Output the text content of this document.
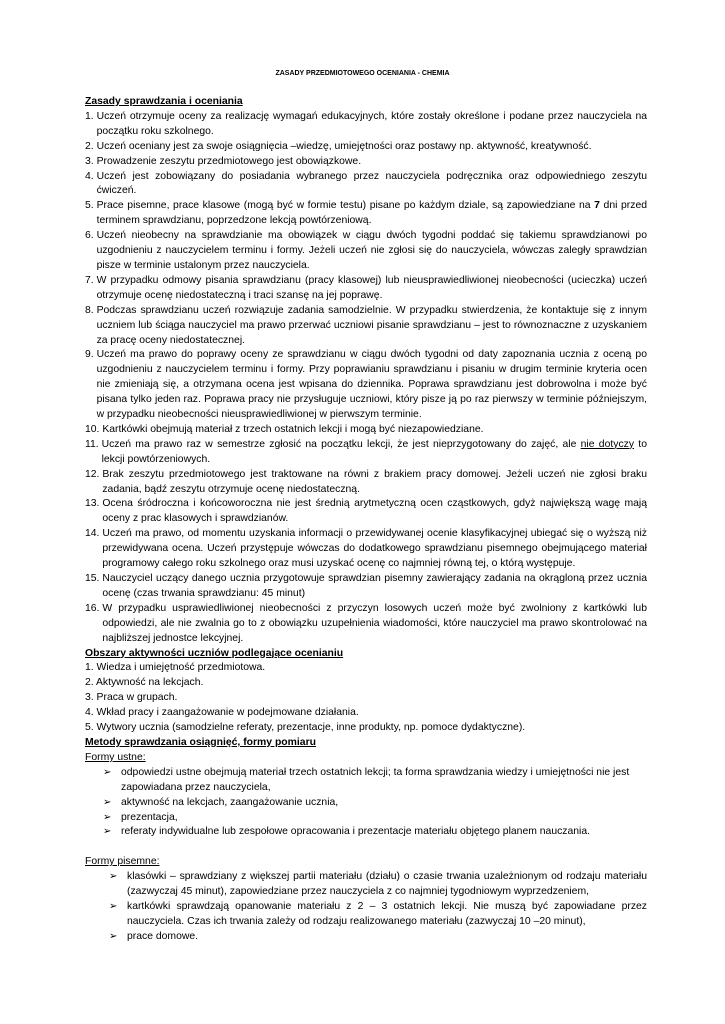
ZASADY PRZEDMIOTOWEGO OCENIANIA - CHEMIA
Zasady sprawdzania i oceniania
1.
Uczeń otrzymuje oceny za realizację wymagań edukacyjnych, które zostały określone i podane przez nauczyciela na początku roku szkolnego.
2.
Uczeń oceniany jest za swoje osiągnięcia –wiedzę, umiejętności oraz postawy np. aktywność, kreatywność.
3.
Prowadzenie zeszytu przedmiotowego jest obowiązkowe.
4.
Uczeń jest zobowiązany do posiadania wybranego przez nauczyciela podręcznika oraz odpowiedniego zeszytu ćwiczeń.
5.
Prace pisemne, prace klasowe (mogą być w formie testu) pisane po każdym dziale, są zapowiedziane na 7 dni przed terminem sprawdzianu, poprzedzone lekcją powtórzeniową.
6.
Uczeń nieobecny na sprawdzianie ma obowiązek w ciągu dwóch tygodni poddać się takiemu sprawdzianowi po uzgodnieniu z nauczycielem terminu i formy. Jeżeli uczeń nie zgłosi się do nauczyciela, wówczas zaległy sprawdzian pisze w terminie ustalonym przez nauczyciela.
7.
W przypadku odmowy pisania sprawdzianu (pracy klasowej) lub nieusprawiedliwionej nieobecności (ucieczka) uczeń otrzymuje ocenę niedostateczną i traci szansę na jej poprawę.
8.
Podczas sprawdzianu uczeń rozwiązuje zadania samodzielnie. W przypadku stwierdzenia, że kontaktuje się z innym uczniem lub ściąga nauczyciel ma prawo przerwać uczniowi pisanie sprawdzianu – jest to równoznaczne z uzyskaniem za pracę oceny niedostatecznej.
9.
Uczeń ma prawo do poprawy oceny ze sprawdzianu w ciągu dwóch tygodni od daty zapoznania ucznia z oceną po uzgodnieniu z nauczycielem terminu i formy. Przy poprawianiu sprawdzianu i pisaniu w drugim terminie kryteria ocen nie zmieniają się, a otrzymana ocena jest wpisana do dziennika. Poprawa sprawdzianu jest dobrowolna i może być pisana tylko jeden raz. Poprawa pracy nie przysługuje uczniowi, który pisze ją po raz pierwszy w terminie późniejszym, w przypadku nieobecności nieusprawiedliwionej w pierwszym terminie.
10.
Kartkówki obejmują materiał z trzech ostatnich lekcji i mogą być niezapowiedziane.
11.
Uczeń ma prawo raz w semestrze zgłosić na początku lekcji, że jest nieprzygotowany do zajęć, ale nie dotyczy to lekcji powtórzeniowych.
12.
Brak zeszytu przedmiotowego jest traktowane na równi z brakiem pracy domowej. Jeżeli uczeń nie zgłosi braku zadania, bądź zeszytu otrzymuje ocenę niedostateczną.
13.
Ocena śródroczna i końcoworoczna nie jest średnią arytmetyczną ocen cząstkowych, gdyż największą wagę mają oceny z prac klasowych i sprawdzianów.
14.
Uczeń ma prawo, od momentu uzyskania informacji o przewidywanej ocenie klasyfikacyjnej ubiegać się o wyższą niż przewidywana ocena. Uczeń przystępuje wówczas do dodatkowego sprawdzianu pisemnego obejmującego materiał programowy całego roku szkolnego oraz musi uzyskać ocenę co najmniej równą tej, o którą występuje.
15.
Nauczyciel uczący danego ucznia przygotowuje sprawdzian pisemny zawierający zadania na okrągloną przez ucznia ocenę (czas trwania sprawdzianu: 45 minut)
16.
W przypadku usprawiedliwionej nieobecności z przyczyn losowych uczeń może być zwolniony z kartkówki lub odpowiedzi, ale nie zwalnia go to z obowiązku uzupełnienia wiadomości, które nauczyciel ma prawo skontrolować na najbliższej jednostce lekcyjnej.
Obszary aktywności uczniów podlegające ocenianiu
1. Wiedza i umiejętność przedmiotowa.
2. Aktywność na lekcjach.
3. Praca w grupach.
4. Wkład pracy i zaangażowanie w podejmowane działania.
5. Wytwory ucznia (samodzielne referaty, prezentacje, inne produkty, np. pomoce dydaktyczne).
Metody sprawdzania osiągnięć, formy pomiaru
Formy ustne:
➢ odpowiedzi ustne obejmują materiał trzech ostatnich lekcji; ta forma sprawdzania wiedzy i umiejętności nie jest zapowiadana przez nauczyciela,
➢ aktywność na lekcjach, zaangażowanie ucznia,
➢ prezentacja,
➢ referaty indywidualne lub zespołowe opracowania i prezentacje materiału objętego planem nauczania.
Formy pisemne:
➢ klasówki – sprawdziany z większej partii materiału (działu) o czasie trwania uzależnionym od rodzaju materiału (zazwyczaj 45 minut), zapowiedziane przez nauczyciela z co najmniej tygodniowym wyprzedzeniem,
➢ kartkówki sprawdzają opanowanie materiału z 2 – 3 ostatnich lekcji. Nie muszą być zapowiadane przez nauczyciela. Czas ich trwania zależy od rodzaju realizowanego materiału (zazwyczaj 10 –20 minut),
➢ prace domowe.
